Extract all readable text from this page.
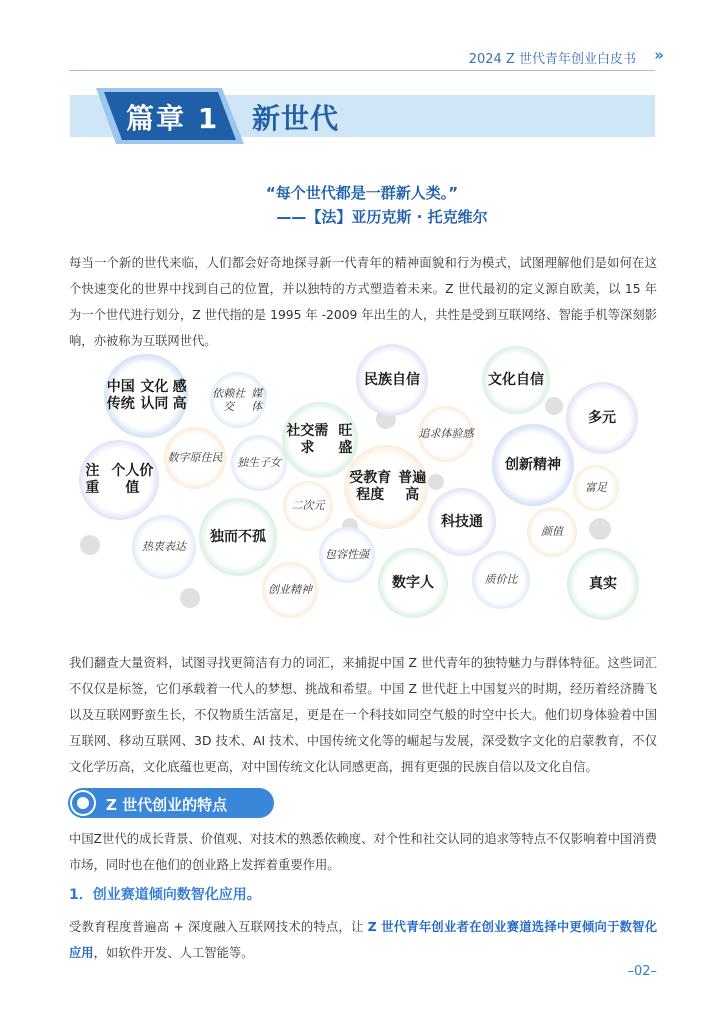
2024 Z 世代青年创业白皮书 »
篇章 1 新世代
“每个世代都是一群新人类。”
——【法】亚历克斯 · 托克维尔
每当一个新的世代来临，人们都会好奇地探寻新一代青年的精神面貌和行为模式，试图理解他们是如何在这个快速变化的世界中找到自己的位置，并以独特的方式塑造着未来。Z 世代最初的定义源自欧美，以 15 年为一个世代进行划分，Z 世代指的是 1995 年 -2009 年出生的人，共性是受到互联网络、智能手机等深刻影响，亦被称为互联网世代。
中国传统
文化认同
感高
依赖社交
媒体
民族自信	文化自信
多元
社交需求
旺盛
追求 体验感
数字 原住民 独生 子女
注重
个人价值
受教育程度
普遍高
创新精神
富足
二次元
科技通
颜值
热衷表达
独而不孤
包容性强
数字人	质价比	真实
创业精神
我们翻查大量资料，试图寻找更简洁有力的词汇，来捕捉中国 Z 世代青年的独特魅力与群体特征。这些词汇不仅仅是标签，它们承载着一代人的梦想、挑战和希望。中国 Z 世代赶上中国复兴的时期，经历着经济腾飞以及互联网野蛮生长，不仅物质生活富足，更是在一个科技如同空气般的时空中长大。他们切身体验着中国互联网、移动互联网、3D 技术、AI 技术、中国传统文化等的崛起与发展，深受数字文化的启蒙教育，不仅文化学历高，文化底蕴也更高，对中国传统文化认同感更高，拥有更强的民族自信以及文化自信。
Z 世代创业的特点
中国Z世代的成长背景、价值观、对技术的熟悉依赖度、对个性和社交认同的追求等特点不仅影响着中国消费市场，同时也在他们的创业路上发挥着重要作用。
1．创业赛道倾向数智化应用。
受教育程度普遍高 + 深度融入互联网技术的特点，让 Z 世代青年创业者在创业赛道选择中更倾向于数智化应用，如软件开发、人工智能等。
–02–
